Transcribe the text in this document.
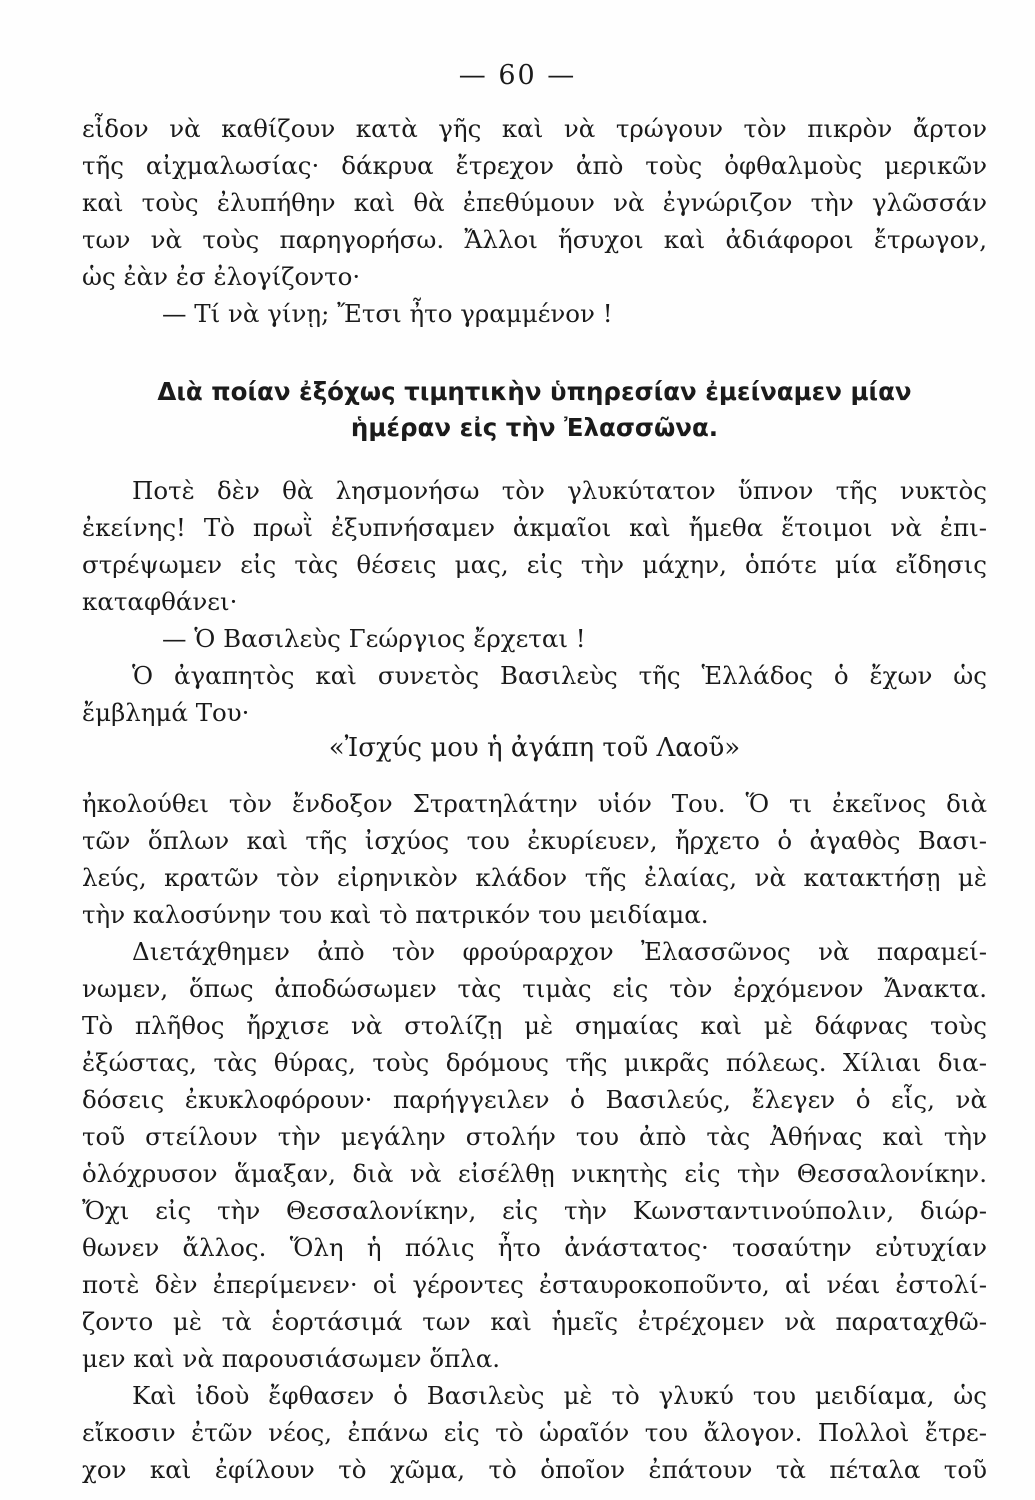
— 60 —
εἶδον νὰ καθίζουν κατὰ γῆς καὶ νὰ τρώγουν τὸν πικρὸν ἄρτον
τῆς αἰχμαλωσίας· δάκρυα ἔτρεχον ἀπὸ τοὺς ὀφθαλμοὺς μερικῶν
καὶ τοὺς ἐλυπήθην καὶ θὰ ἐπεθύμουν νὰ ἐγνώριζον τὴν γλῶσσάν
των νὰ τοὺς παρηγορήσω. Ἄλλοι ἥσυχοι καὶ ἀδιάφοροι ἔτρωγον,
ὡς ἐὰν ἐσ ἐλογίζοντο·
— Τί νὰ γίνῃ; Ἔτσι ἦτο γραμμένον !
Διὰ ποίαν ἐξόχως τιμητικὴν ὑπηρεσίαν ἐμείναμεν μίαν
ἡμέραν εἰς τὴν Ἐλασσῶνα.
Ποτὲ δὲν θὰ λησμονήσω τὸν γλυκύτατον ὕπνον τῆς νυκτὸς
ἐκείνης! Τὸ πρωῒ ἐξυπνήσαμεν ἀκμαῖοι καὶ ἤμεθα ἕτοιμοι νὰ ἐπι-
στρέψωμεν εἰς τὰς θέσεις μας, εἰς τὴν μάχην, ὁπότε μία εἴδησις
καταφθάνει·
— Ὁ Βασιλεὺς Γεώργιος ἔρχεται !
Ὁ ἀγαπητὸς καὶ συνετὸς Βασιλεὺς τῆς Ἑλλάδος ὁ ἔχων ὡς
ἔμβλημά Του·
«Ἰσχύς μου ἡ ἀγάπη τοῦ Λαοῦ»
ἠκολούθει τὸν ἔνδοξον Στρατηλάτην υἱόν Του. Ὅ τι ἐκεῖνος διὰ
τῶν ὅπλων καὶ τῆς ἰσχύος του ἐκυρίευεν, ἤρχετο ὁ ἀγαθὸς Βασι-
λεύς, κρατῶν τὸν εἰρηνικὸν κλάδον τῆς ἐλαίας, νὰ κατακτήσῃ μὲ
τὴν καλοσύνην του καὶ τὸ πατρικόν του μειδίαμα.
Διετάχθημεν ἀπὸ τὸν φρούραρχον Ἐλασσῶνος νὰ παραμεί-
νωμεν, ὅπως ἀποδώσωμεν τὰς τιμὰς εἰς τὸν ἐρχόμενον Ἄνακτα.
Τὸ πλῆθος ἤρχισε νὰ στολίζῃ μὲ σημαίας καὶ μὲ δάφνας τοὺς
ἐξώστας, τὰς θύρας, τοὺς δρόμους τῆς μικρᾶς πόλεως. Χίλιαι δια-
δόσεις ἐκυκλοφόρουν· παρήγγειλεν ὁ Βασιλεύς, ἔλεγεν ὁ εἷς, νὰ
τοῦ στείλουν τὴν μεγάλην στολήν του ἀπὸ τὰς Ἀθήνας καὶ τὴν
ὁλόχρυσον ἅμαξαν, διὰ νὰ εἰσέλθῃ νικητὴς εἰς τὴν Θεσσαλονίκην.
Ὄχι εἰς τὴν Θεσσαλονίκην, εἰς τὴν Κωνσταντινούπολιν, διώρ-
θωνεν ἄλλος. Ὅλη ἡ πόλις ἦτο ἀνάστατος· τοσαύτην εὐτυχίαν
ποτὲ δὲν ἐπερίμενεν· οἱ γέροντες ἐσταυροκοποῦντο, αἱ νέαι ἐστολί-
ζοντο μὲ τὰ ἑορτάσιμά των καὶ ἡμεῖς ἐτρέχομεν νὰ παραταχθῶ-
μεν καὶ νὰ παρουσιάσωμεν ὅπλα.
Καὶ ἰδοὺ ἔφθασεν ὁ Βασιλεὺς μὲ τὸ γλυκύ του μειδίαμα, ὡς
εἴκοσιν ἐτῶν νέος, ἐπάνω εἰς τὸ ὡραῖόν του ἄλογον. Πολλοὶ ἔτρε-
χον καὶ ἐφίλουν τὸ χῶμα, τὸ ὁποῖον ἐπάτουν τὰ πέταλα τοῦ
